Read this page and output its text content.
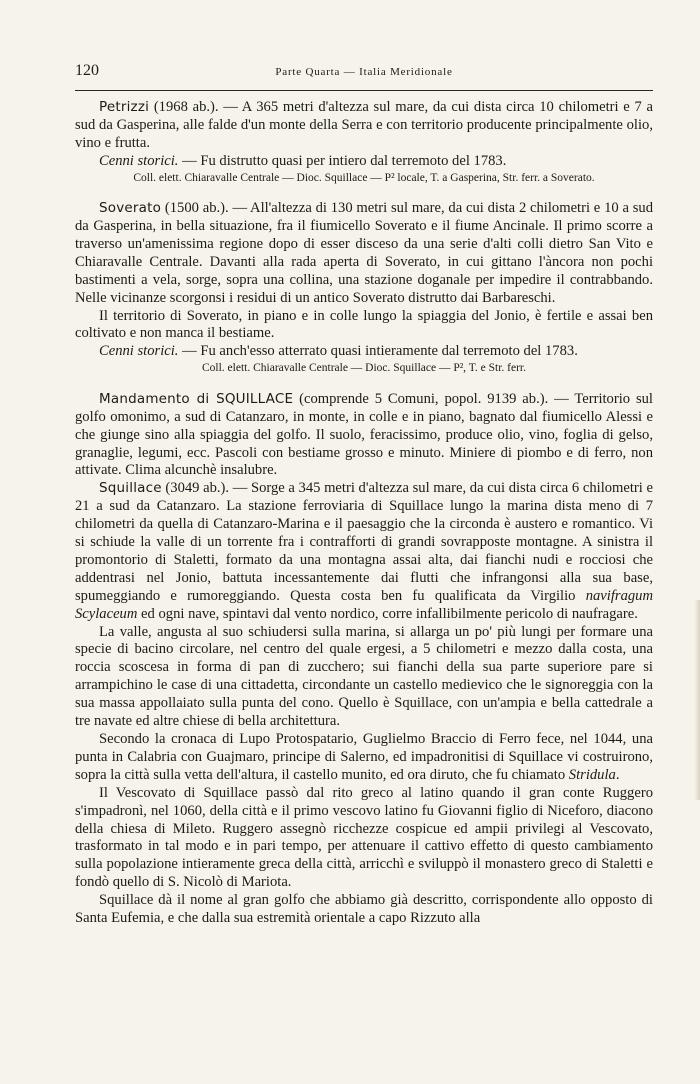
120	Parte Quarta — Italia Meridionale

Petrizzi (1968 ab.). — A 365 metri d'altezza sul mare, da cui dista circa 10 chilometri e 7 a sud da Gasperina, alle falde d'un monte della Serra e con territorio producente principalmente olio, vino e frutta.

Cenni storici. — Fu distrutto quasi per intiero dal terremoto del 1783.

Coll. elett. Chiaravalle Centrale — Dioc. Squillace — P² locale, T. a Gasperina, Str. ferr. a Soverato.

Soverato (1500 ab.). — All'altezza di 130 metri sul mare, da cui dista 2 chilometri e 10 a sud da Gasperina, in bella situazione, fra il fiumicello Soverato e il fiume Ancinale. Il primo scorre a traverso un'amenissima regione dopo di esser disceso da una serie d'alti colli dietro San Vito e Chiaravalle Centrale. Davanti alla rada aperta di Soverato, in cui gittano l'àncora non pochi bastimenti a vela, sorge, sopra una collina, una stazione doganale per impedire il contrabbando. Nelle vicinanze scorgonsi i residui di un antico Soverato distrutto dai Barbareschi.

Il territorio di Soverato, in piano e in colle lungo la spiaggia del Jonio, è fertile e assai ben coltivato e non manca il bestiame.

Cenni storici. — Fu anch'esso atterrato quasi intieramente dal terremoto del 1783.

Coll. elett. Chiaravalle Centrale — Dioc. Squillace — P², T. e Str. ferr.

Mandamento di SQUILLACE (comprende 5 Comuni, popol. 9139 ab.). — Territorio sul golfo omonimo, a sud di Catanzaro, in monte, in colle e in piano, bagnato dal fiumicello Alessi e che giunge sino alla spiaggia del golfo. Il suolo, feracissimo, produce olio, vino, foglia di gelso, granaglie, legumi, ecc. Pascoli con bestiame grosso e minuto. Miniere di piombo e di ferro, non attivate. Clima alcunchè insalubre.

Squillace (3049 ab.). — Sorge a 345 metri d'altezza sul mare, da cui dista circa 6 chilometri e 21 a sud da Catanzaro. La stazione ferroviaria di Squillace lungo la marina dista meno di 7 chilometri da quella di Catanzaro-Marina e il paesaggio che la circonda è austero e romantico. Vi si schiude la valle di un torrente fra i contrafforti di grandi sovrapposte montagne. A sinistra il promontorio di Staletti, formato da una montagna assai alta, dai fianchi nudi e rocciosi che addentrasi nel Jonio, battuta incessantemente dai flutti che infrangonsi alla sua base, spumeggiando e rumoreggiando. Questa costa ben fu qualificata da Virgilio navifragum Scylaceum ed ogni nave, spintavi dal vento nordico, corre infallibilmente pericolo di naufragare.

La valle, angusta al suo schiudersi sulla marina, si allarga un po' più lungi per formare una specie di bacino circolare, nel centro del quale ergesi, a 5 chilometri e mezzo dalla costa, una roccia scoscesa in forma di pan di zucchero; sui fianchi della sua parte superiore pare si arrampichino le case di una cittadetta, circondante un castello medievico che le signoreggia con la sua massa appollaiato sulla punta del cono. Quello è Squillace, con un'ampia e bella cattedrale a tre navate ed altre chiese di bella architettura.

Secondo la cronaca di Lupo Protospatario, Guglielmo Braccio di Ferro fece, nel 1044, una punta in Calabria con Guajmaro, principe di Salerno, ed impadronitisi di Squillace vi costruirono, sopra la città sulla vetta dell'altura, il castello munito, ed ora diruto, che fu chiamato Stridula.

Il Vescovato di Squillace passò dal rito greco al latino quando il gran conte Ruggero s'impadronì, nel 1060, della città e il primo vescovo latino fu Giovanni figlio di Niceforo, diacono della chiesa di Mileto. Ruggero assegnò ricchezze cospicue ed ampii privilegi al Vescovato, trasformato in tal modo e in pari tempo, per attenuare il cattivo effetto di questo cambiamento sulla popolazione intieramente greca della città, arricchì e sviluppò il monastero greco di Staletti e fondò quello di S. Nicolò di Mariota.

Squillace dà il nome al gran golfo che abbiamo già descritto, corrispondente allo opposto di Santa Eufemia, e che dalla sua estremità orientale a capo Rizzuto alla
